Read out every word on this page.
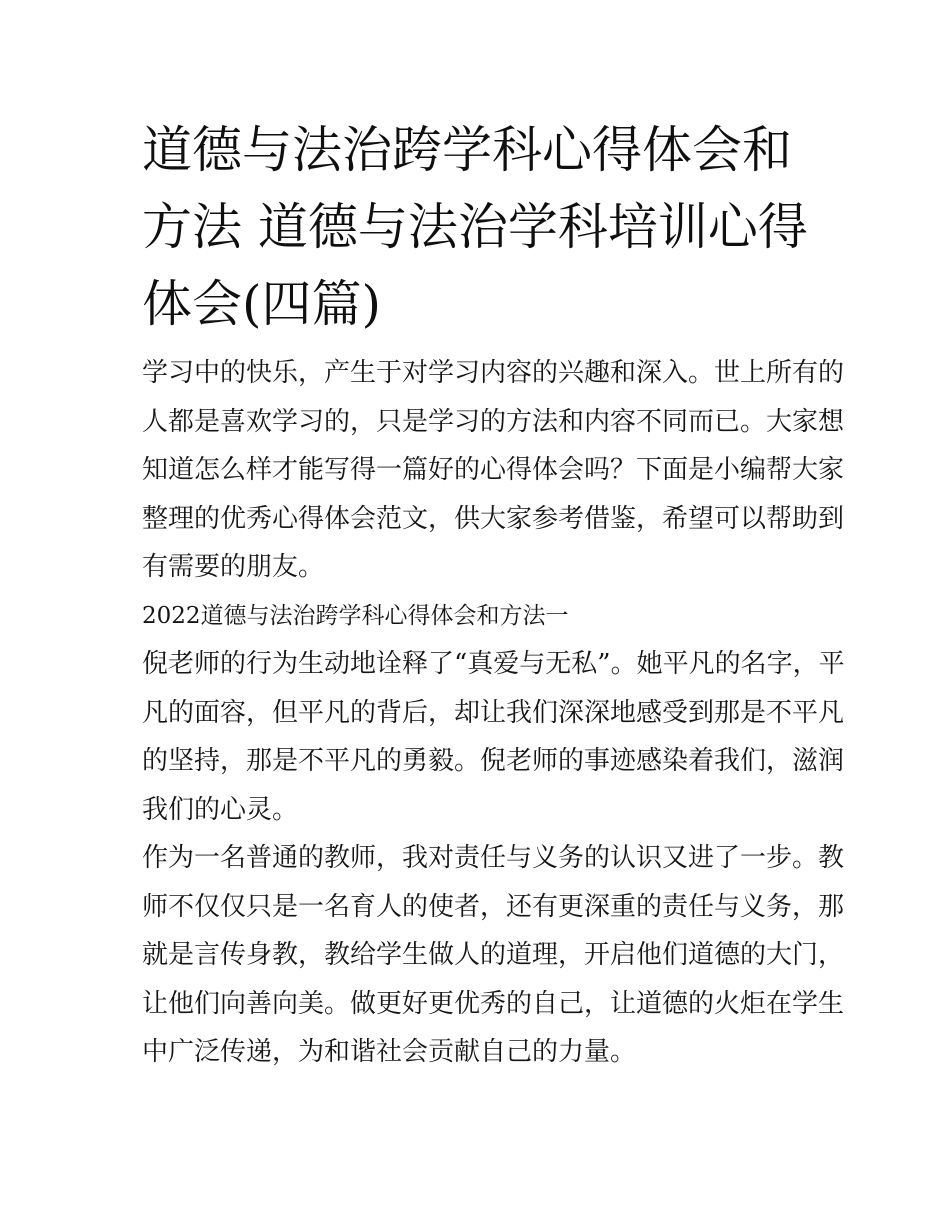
道德与法治跨学科心得体会和
方法 道德与法治学科培训心得
体会(四篇)

学习中的快乐，产生于对学习内容的兴趣和深入。世上所有的
人都是喜欢学习的，只是学习的方法和内容不同而已。大家想
知道怎么样才能写得一篇好的心得体会吗？下面是小编帮大家
整理的优秀心得体会范文，供大家参考借鉴，希望可以帮助到
有需要的朋友。

2022道德与法治跨学科心得体会和方法一

倪老师的行为生动地诠释了“真爱与无私”。她平凡的名字，平
凡的面容，但平凡的背后，却让我们深深地感受到那是不平凡
的坚持，那是不平凡的勇毅。倪老师的事迹感染着我们，滋润
我们的心灵。

作为一名普通的教师，我对责任与义务的认识又进了一步。教
师不仅仅只是一名育人的使者，还有更深重的责任与义务，那
就是言传身教，教给学生做人的道理，开启他们道德的大门，
让他们向善向美。做更好更优秀的自己，让道德的火炬在学生
中广泛传递，为和谐社会贡献自己的力量。
